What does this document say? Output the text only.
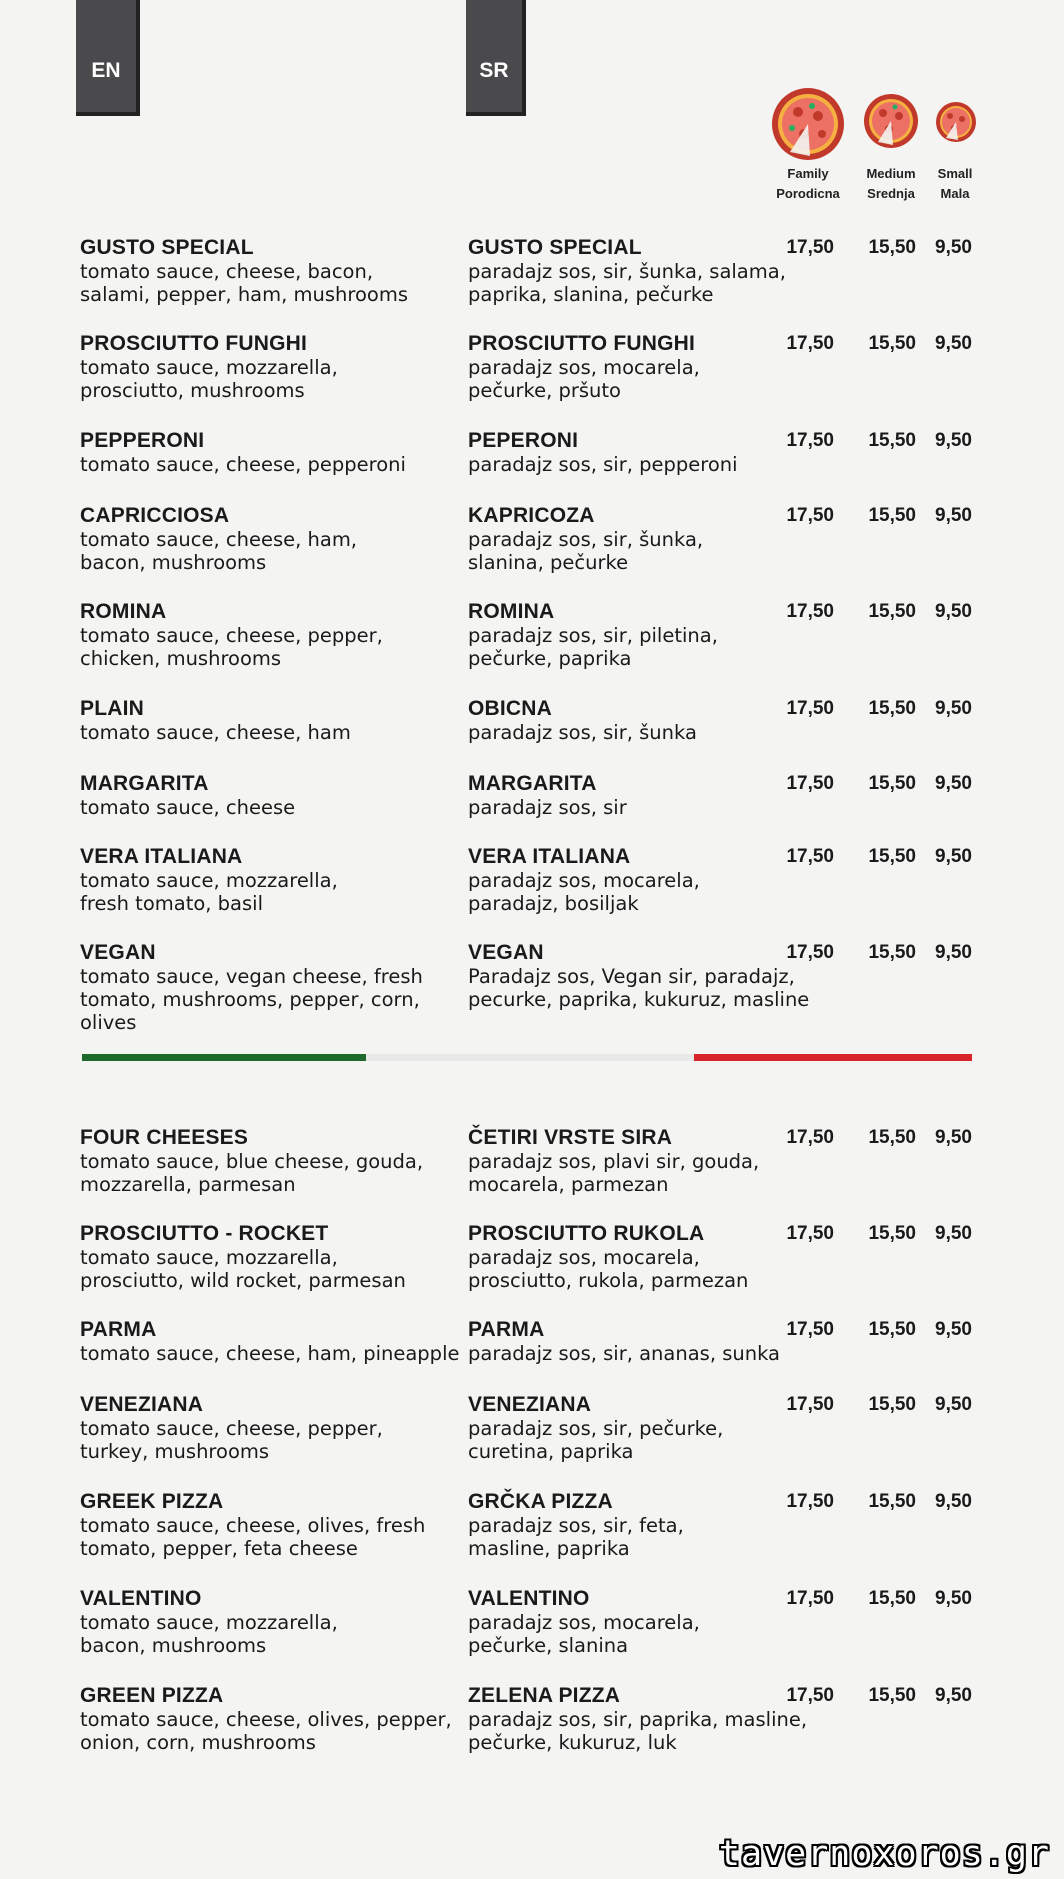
EN	SR
Family
Porodicna
Medium
Srednja
Small
Mala
GUSTO SPECIAL
tomato sauce, cheese, bacon,
salami, pepper, ham, mushrooms
GUSTO SPECIAL
paradajz sos, sir, šunka, salama,
paprika, slanina, pečurke
17,50	15,50	9,50
PROSCIUTTO FUNGHI
tomato sauce, mozzarella,
prosciutto, mushrooms
PROSCIUTTO FUNGHI
paradajz sos, mocarela,
pečurke, pršuto
17,50	15,50	9,50
PEPPERONI
tomato sauce, cheese, pepperoni
PEPERONI
paradajz sos, sir, pepperoni
17,50	15,50	9,50
CAPRICCIOSA
tomato sauce, cheese, ham,
bacon, mushrooms
KAPRICOZA
paradajz sos, sir, šunka,
slanina, pečurke
17,50	15,50	9,50
ROMINA
tomato sauce, cheese, pepper,
chicken, mushrooms
ROMINA
paradajz sos, sir, piletina,
pečurke, paprika
17,50	15,50	9,50
PLAIN
tomato sauce, cheese, ham
OBICNA
paradajz sos, sir, šunka
17,50	15,50	9,50
MARGARITA
tomato sauce, cheese
MARGARITA
paradajz sos, sir
17,50	15,50	9,50
VERA ITALIANA
tomato sauce, mozzarella,
fresh tomato, basil
VERA ITALIANA
paradajz sos, mocarela,
paradajz, bosiljak
17,50	15,50	9,50
VEGAN
tomato sauce, vegan cheese, fresh
tomato, mushrooms, pepper, corn, olives
VEGAN
Paradajz sos, Vegan sir, paradajz,
pecurke, paprika, kukuruz, masline
17,50	15,50	9,50
FOUR CHEESES
tomato sauce, blue cheese, gouda,
mozzarella, parmesan
ČETIRI VRSTE SIRA
paradajz sos, plavi sir, gouda,
mocarela, parmezan
17,50	15,50	9,50
PROSCIUTTO - ROCKET
tomato sauce, mozzarella,
prosciutto, wild rocket, parmesan
PROSCIUTTO RUKOLA
paradajz sos, mocarela,
prosciutto, rukola, parmezan
17,50	15,50	9,50
PARMA
tomato sauce, cheese, ham, pineapple
PARMA
paradajz sos, sir, ananas, sunka
17,50	15,50	9,50
VENEZIANA
tomato sauce, cheese, pepper,
turkey, mushrooms
VENEZIANA
paradajz sos, sir, pečurke,
curetina, paprika
17,50	15,50	9,50
GREEK PIZZA
tomato sauce, cheese, olives, fresh
tomato, pepper, feta cheese
GRČKA PIZZA
paradajz sos, sir, feta,
masline, paprika
17,50	15,50	9,50
VALENTINO
tomato sauce, mozzarella,
bacon, mushrooms
VALENTINO
paradajz sos, mocarela,
pečurke, slanina
17,50	15,50	9,50
GREEN PIZZA
tomato sauce, cheese, olives, pepper,
onion, corn, mushrooms
ZELENA PIZZA
paradajz sos, sir, paprika, masline,
pečurke, kukuruz, luk
17,50	15,50	9,50
tavernoxoros.gr
